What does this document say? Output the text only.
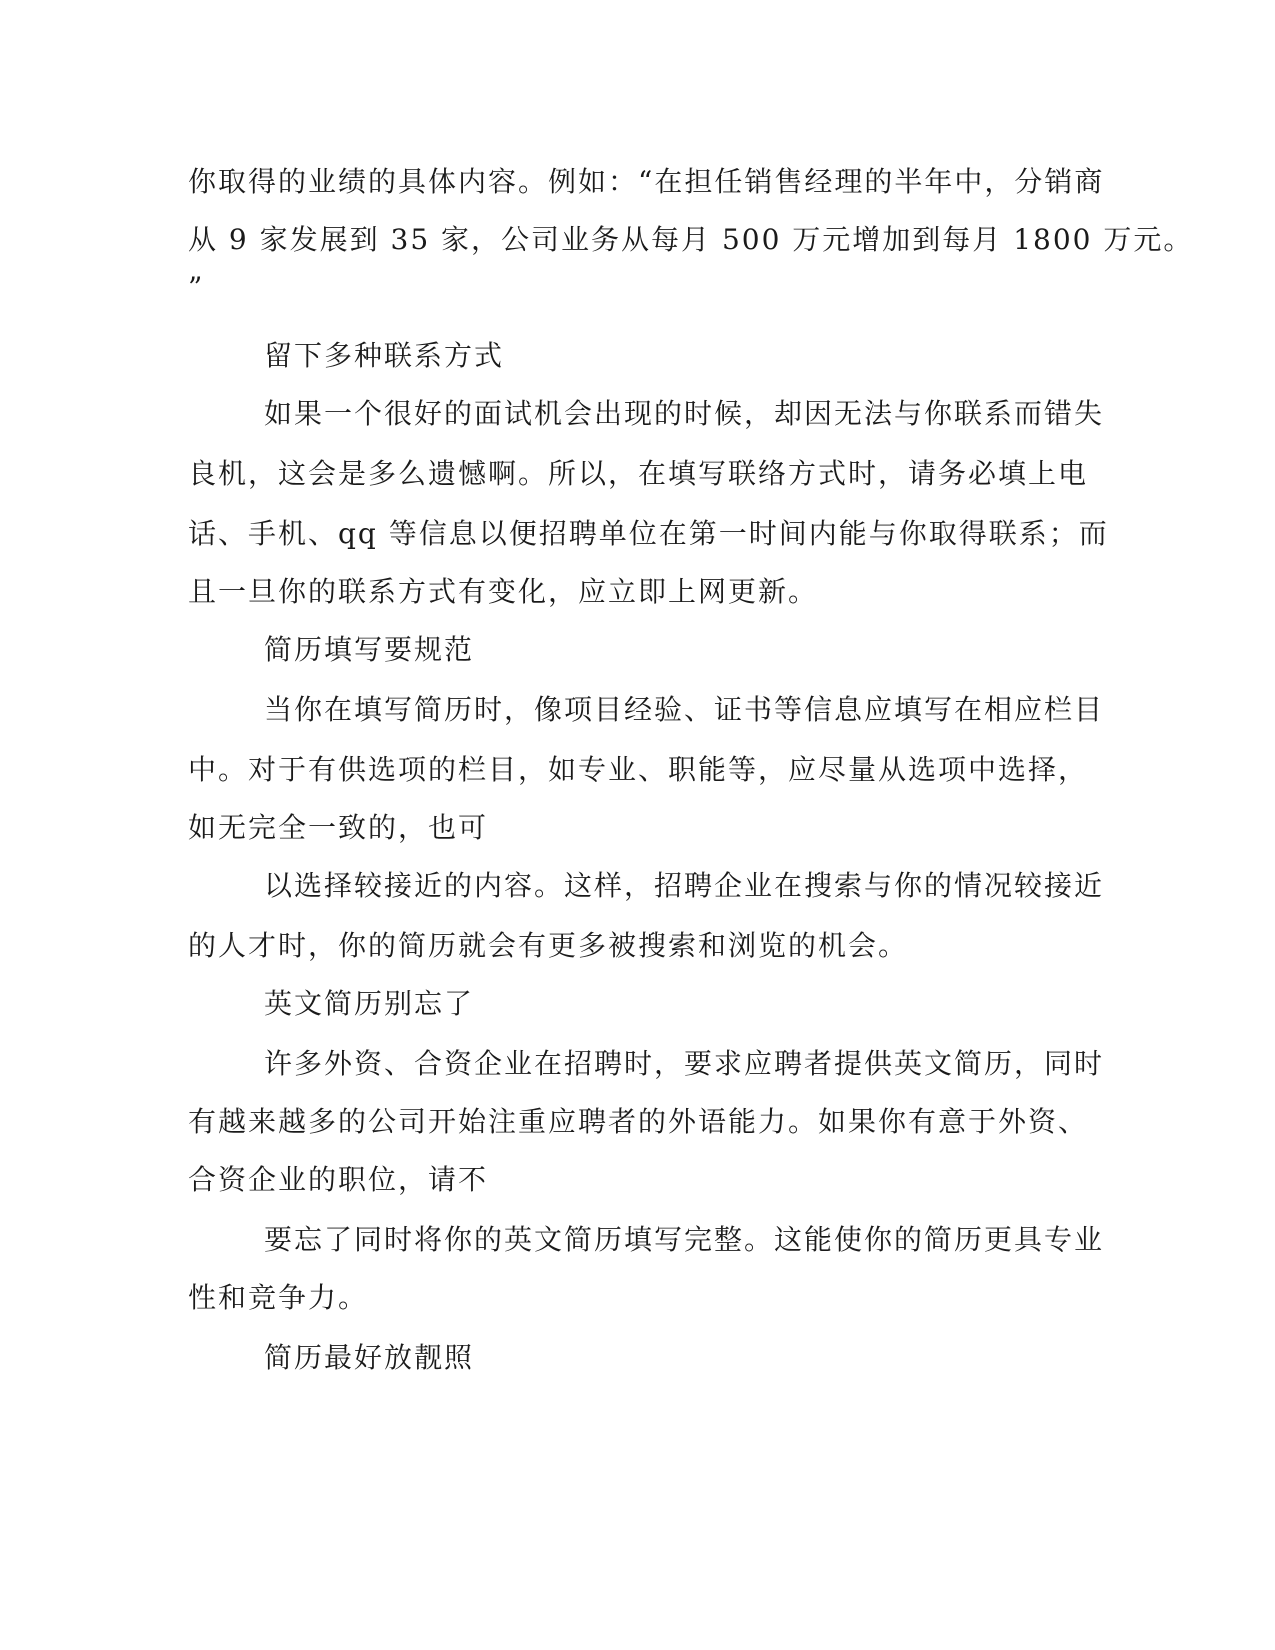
你取得的业绩的具体内容。例如：“在担任销售经理的半年中，分销商

从 9 家发展到 35 家，公司业务从每月 500 万元增加到每月 1800 万元。

”

留下多种联系方式

如果一个很好的面试机会出现的时候，却因无法与你联系而错失

良机，这会是多么遗憾啊。所以，在填写联络方式时，请务必填上电

话、手机、qq 等信息以便招聘单位在第一时间内能与你取得联系；而

且一旦你的联系方式有变化，应立即上网更新。

简历填写要规范

当你在填写简历时，像项目经验、证书等信息应填写在相应栏目

中。对于有供选项的栏目，如专业、职能等，应尽量从选项中选择，

如无完全一致的，也可

以选择较接近的内容。这样，招聘企业在搜索与你的情况较接近

的人才时，你的简历就会有更多被搜索和浏览的机会。

英文简历别忘了

许多外资、合资企业在招聘时，要求应聘者提供英文简历，同时

有越来越多的公司开始注重应聘者的外语能力。如果你有意于外资、

合资企业的职位，请不

要忘了同时将你的英文简历填写完整。这能使你的简历更具专业

性和竞争力。

简历最好放靓照
